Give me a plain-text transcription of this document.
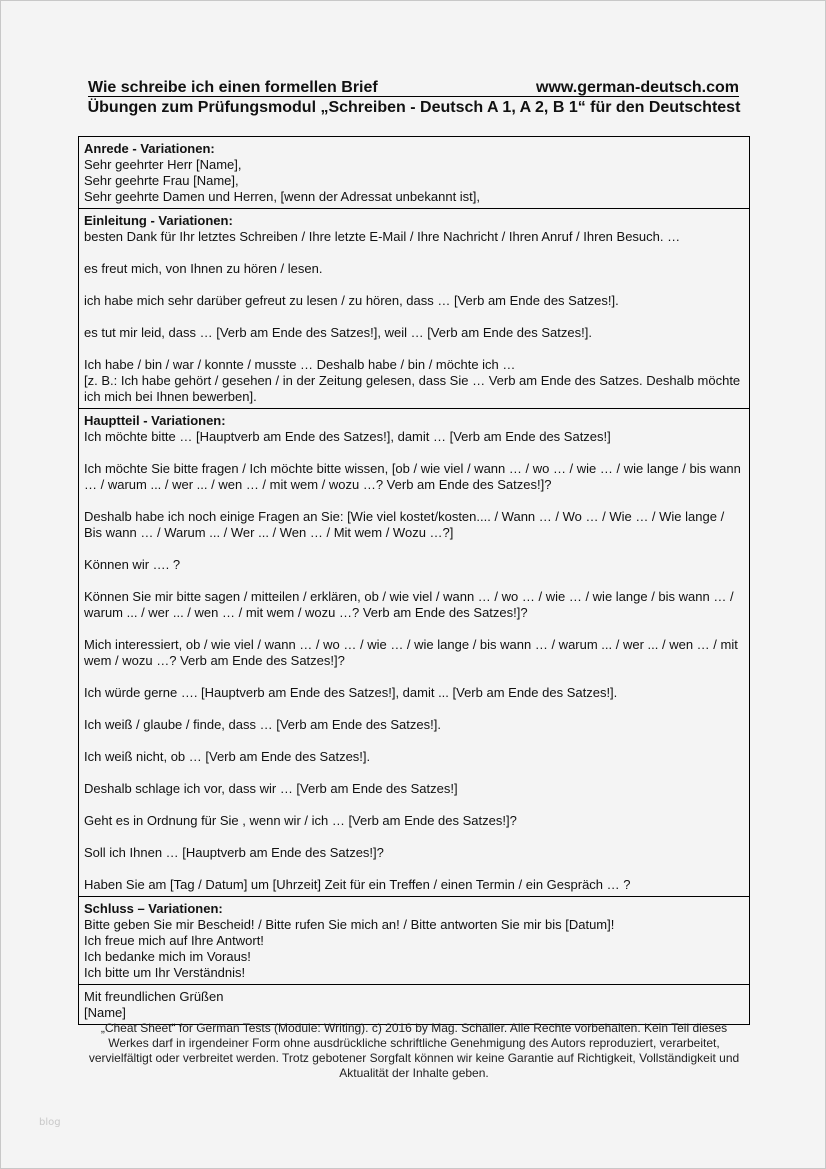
Wie schreibe ich einen formellen Brief	www.german-deutsch.com
Übungen zum Prüfungsmodul „Schreiben - Deutsch A 1, A 2, B 1“ für den Deutschtest
Anrede - Variationen:
Sehr geehrter Herr [Name],
Sehr geehrte Frau [Name],
Sehr geehrte Damen und Herren, [wenn der Adressat unbekannt ist],
Einleitung - Variationen:
besten Dank für Ihr letztes Schreiben / Ihre letzte E-Mail / Ihre Nachricht / Ihren Anruf / Ihren Besuch. …
es freut mich, von Ihnen zu hören / lesen.
ich habe mich sehr darüber gefreut zu lesen / zu hören, dass … [Verb am Ende des Satzes!].
es tut mir leid, dass … [Verb am Ende des Satzes!], weil … [Verb am Ende des Satzes!].
Ich habe / bin / war / konnte / musste … Deshalb habe / bin / möchte ich …
[z. B.: Ich habe gehört / gesehen / in der Zeitung gelesen, dass Sie … Verb am Ende des Satzes. Deshalb möchte ich mich bei Ihnen bewerben].
Hauptteil - Variationen:
Ich möchte bitte … [Hauptverb am Ende des Satzes!], damit … [Verb am Ende des Satzes!]
Ich möchte Sie bitte fragen / Ich möchte bitte wissen, [ob / wie viel / wann … / wo … / wie … / wie lange / bis wann … / warum ... / wer ... / wen … / mit wem / wozu …? Verb am Ende des Satzes!]?
Deshalb habe ich noch einige Fragen an Sie: [Wie viel kostet/kosten.... / Wann … / Wo … / Wie … / Wie lange / Bis wann … / Warum ... / Wer ... / Wen … / Mit wem / Wozu …?]
Können wir …. ?
Können Sie mir bitte sagen / mitteilen / erklären, ob / wie viel / wann … / wo … / wie … / wie lange / bis wann … / warum ... / wer ... / wen … / mit wem / wozu …? Verb am Ende des Satzes!]?
Mich interessiert, ob / wie viel / wann … / wo … / wie … / wie lange / bis wann … / warum ... / wer ... / wen … / mit wem / wozu …? Verb am Ende des Satzes!]?
Ich würde gerne …. [Hauptverb am Ende des Satzes!], damit ... [Verb am Ende des Satzes!].
Ich weiß / glaube / finde, dass … [Verb am Ende des Satzes!].
Ich weiß nicht, ob … [Verb am Ende des Satzes!].
Deshalb schlage ich vor, dass wir … [Verb am Ende des Satzes!]
Geht es in Ordnung für Sie , wenn wir / ich … [Verb am Ende des Satzes!]?
Soll ich Ihnen … [Hauptverb am Ende des Satzes!]?
Haben Sie am [Tag / Datum] um [Uhrzeit] Zeit für ein Treffen / einen Termin / ein Gespräch … ?
Schluss – Variationen:
Bitte geben Sie mir Bescheid! / Bitte rufen Sie mich an! / Bitte antworten Sie mir bis [Datum]!
Ich freue mich auf Ihre Antwort!
Ich bedanke mich im Voraus!
Ich bitte um Ihr Verständnis!
Mit freundlichen Grüßen
[Name]
„Cheat Sheet“ for German Tests (Module: Writing). c) 2016 by Mag. Schaller. Alle Rechte vorbehalten. Kein Teil dieses Werkes darf in irgendeiner Form ohne ausdrückliche schriftliche Genehmigung des Autors reproduziert, verarbeitet, vervielfältigt oder verbreitet werden. Trotz gebotener Sorgfalt können wir keine Garantie auf Richtigkeit, Vollständigkeit und Aktualität der Inhalte geben.
blog
